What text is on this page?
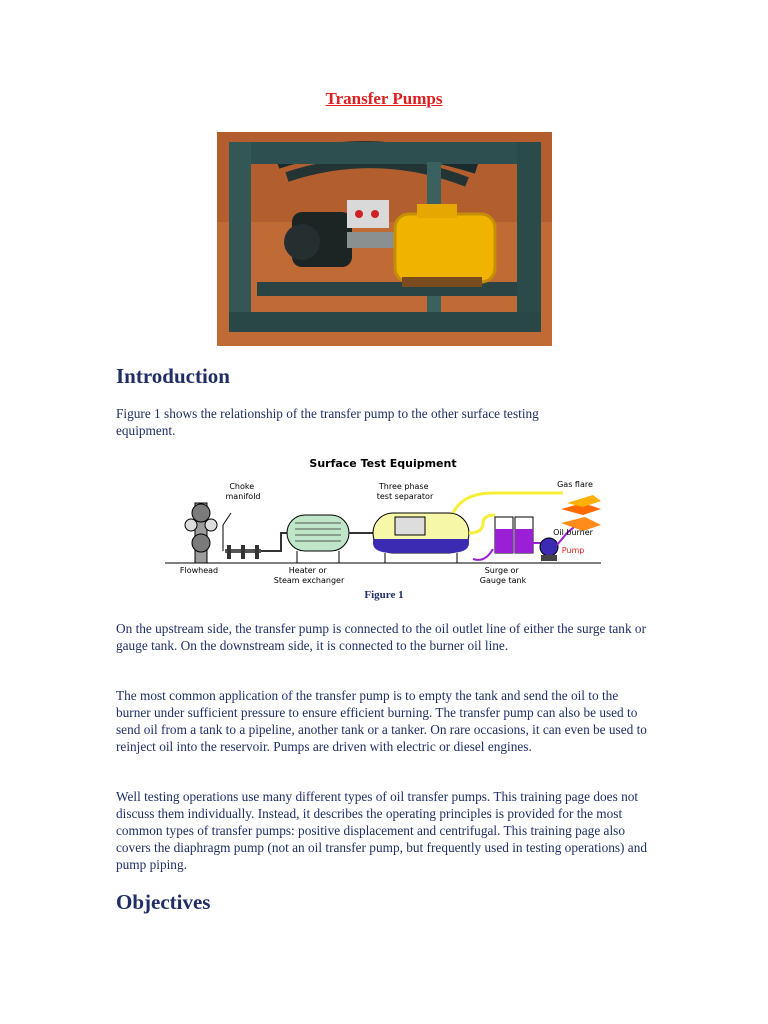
Transfer Pumps
Introduction

Figure 1 shows the relationship of the transfer pump to the other surface testing equipment.

Surface Test Equipment
Choke manifold
Three phase test separator
Gas flare
Oil burner
Pump
Flowhead	Heater or Steam exchanger
Surge or Gauge tank
Figure 1

On the upstream side, the transfer pump is connected to the oil outlet line of either the surge tank or gauge tank. On the downstream side, it is connected to the burner oil line.

The most common application of the transfer pump is to empty the tank and send the oil to the burner under sufficient pressure to ensure efficient burning. The transfer pump can also be used to send oil from a tank to a pipeline, another tank or a tanker. On rare occasions, it can even be used to reinject oil into the reservoir. Pumps are driven with electric or diesel engines.

Well testing operations use many different types of oil transfer pumps. This training page does not discuss them individually. Instead, it describes the operating principles is provided for the most common types of transfer pumps: positive displacement and centrifugal. This training page also covers the diaphragm pump (not an oil transfer pump, but frequently used in testing operations) and pump piping.

Objectives
